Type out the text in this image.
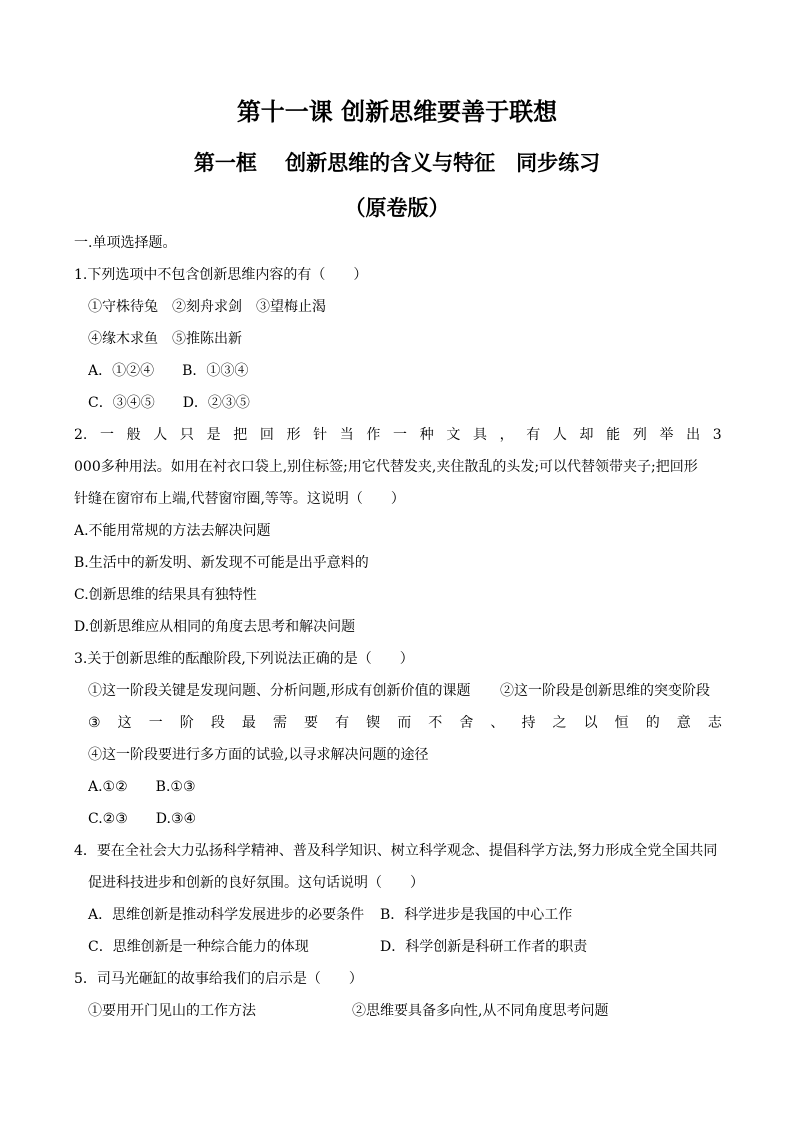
第十一课 创新思维要善于联想
第一框 　创新思维的含义与特征　同步练习
（原卷版）
一.单项选择题。
1.下列选项中不包含创新思维内容的有（　　）
①守株待兔　②刻舟求剑　③望梅止渴
④缘木求鱼　⑤推陈出新
A．①②④　　B．①③④
C．③④⑤　　D．②③⑤
2. 一 般 人 只 是 把 回 形 针 当 作 一 种 文 具 ， 有 人 却 能 列 举 出 3
000多种用法。如用在衬衣口袋上,别住标签;用它代替发夹,夹住散乱的头发;可以代替领带夹子;把回形
针缝在窗帘布上端,代替窗帘圈,等等。这说明（　　）
A.不能用常规的方法去解决问题
B.生活中的新发明、新发现不可能是出乎意料的
C.创新思维的结果具有独特性
D.创新思维应从相同的角度去思考和解决问题
3.关于创新思维的酝酿阶段,下列说法正确的是（　　）
①这一阶段关键是发现问题、分析问题,形成有创新价值的课题 ②这一阶段是创新思维的突变阶段
③ 这 一 阶 段 最 需 要 有 锲 而 不 舍 、 持 之 以 恒 的 意 志
④这一阶段要进行多方面的试验,以寻求解决问题的途径
A.①②　　B.①③
C.②③　　D.③④
4．要在全社会大力弘扬科学精神、普及科学知识、树立科学观念、提倡科学方法,努力形成全党全国共同
促进科技进步和创新的良好氛围。这句话说明（　　）
A．思维创新是推动科学发展进步的必要条件 B．科学进步是我国的中心工作
C．思维创新是一种综合能力的体现	D．科学创新是科研工作者的职责
5．司马光砸缸的故事给我们的启示是（　　）
①要用开门见山的工作方法	②思维要具备多向性,从不同角度思考问题
